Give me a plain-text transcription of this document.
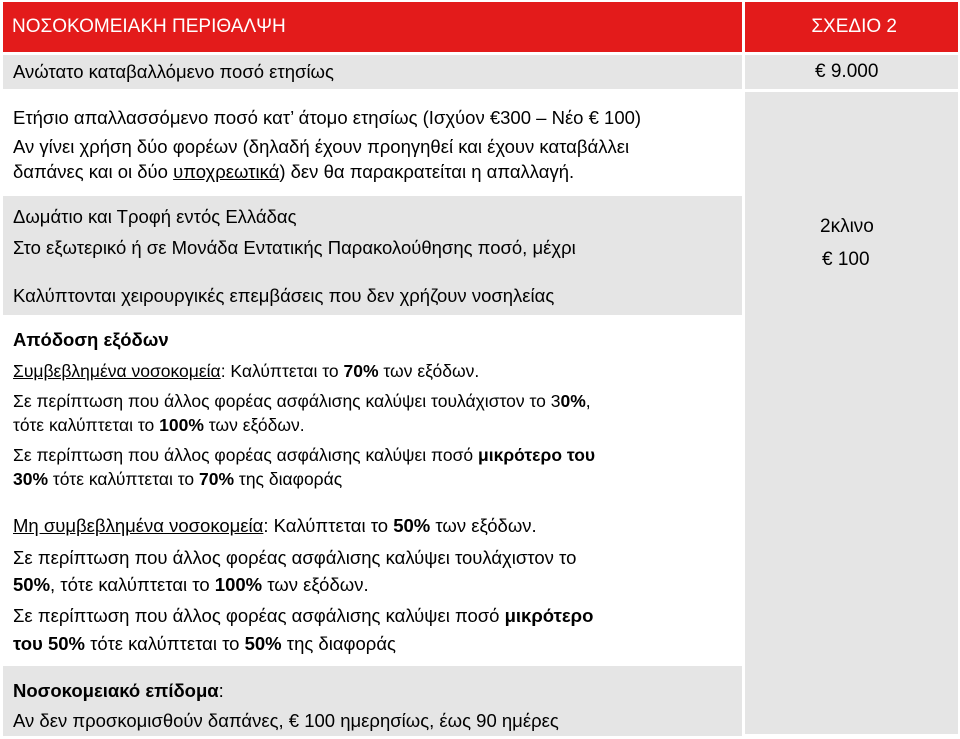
ΝΟΣΟΚΟΜΕΙΑΚΗ ΠΕΡΙΘΑΛΨΗ	ΣΧΕΔΙΟ 2
Ανώτατο καταβαλλόμενο ποσό ετησίως	€ 9.000
Ετήσιο απαλλασσόμενο ποσό κατ’ άτομο ετησίως (Ισχύον €300 – Νέο € 100)
Αν γίνει χρήση δύο φορέων (δηλαδή έχουν προηγηθεί και έχουν καταβάλλει
δαπάνες και οι δύο υποχρεωτικά) δεν θα παρακρατείται η απαλλαγή.
Δωμάτιο και Τροφή εντός Ελλάδας
Στο εξωτερικό ή σε Μονάδα Εντατικής Παρακολούθησης ποσό, μέχρι
2κλινο
€ 100
Καλύπτονται χειρουργικές επεμβάσεις που δεν χρήζουν νοσηλείας
Απόδοση εξόδων
Συμβεβλημένα νοσοκομεία: Καλύπτεται το 70% των εξόδων.
Σε περίπτωση που άλλος φορέας ασφάλισης καλύψει τουλάχιστον το 30%,
τότε καλύπτεται το 100% των εξόδων.
Σε περίπτωση που άλλος φορέας ασφάλισης καλύψει ποσό μικρότερο του
30% τότε καλύπτεται το 70% της διαφοράς
Μη συμβεβλημένα νοσοκομεία: Καλύπτεται το 50% των εξόδων.
Σε περίπτωση που άλλος φορέας ασφάλισης καλύψει τουλάχιστον το
50%, τότε καλύπτεται το 100% των εξόδων.
Σε περίπτωση που άλλος φορέας ασφάλισης καλύψει ποσό μικρότερο
του 50% τότε καλύπτεται το 50% της διαφοράς
Νοσοκομειακό επίδομα:
Αν δεν προσκομισθούν δαπάνες, € 100 ημερησίως, έως 90 ημέρες
